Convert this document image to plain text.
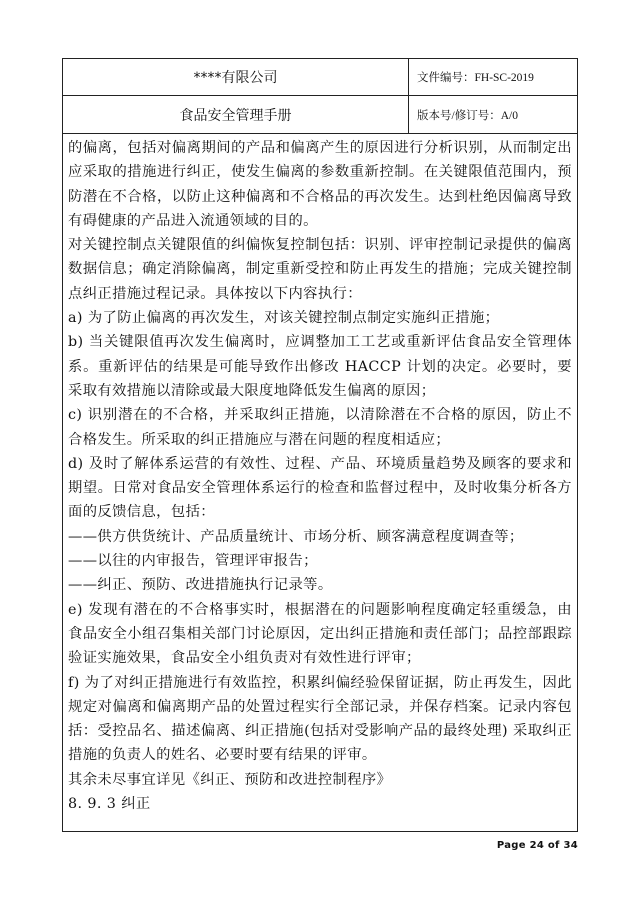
****有限公司	文件编号：FH-SC-2019
食品安全管理手册	版本号/修订号：A/0

的偏离，包括对偏离期间的产品和偏离产生的原因进行分析识别，从而制定出应采取的措施进行纠正，使发生偏离的参数重新控制。在关键限值范围内，预防潜在不合格，以防止这种偏离和不合格品的再次发生。达到杜绝因偏离导致有碍健康的产品进入流通领域的目的。

对关键控制点关键限值的纠偏恢复控制包括：识别、评审控制记录提供的偏离数据信息；确定消除偏离，制定重新受控和防止再发生的措施；完成关键控制点纠正措施过程记录。具体按以下内容执行：

a) 为了防止偏离的再次发生，对该关键控制点制定实施纠正措施；

b) 当关键限值再次发生偏离时，应调整加工工艺或重新评估食品安全管理体系。重新评估的结果是可能导致作出修改 HACCP 计划的决定。必要时，要采取有效措施以清除或最大限度地降低发生偏离的原因；

c) 识别潜在的不合格，并采取纠正措施，以清除潜在不合格的原因，防止不合格发生。所采取的纠正措施应与潜在问题的程度相适应；

d) 及时了解体系运营的有效性、过程、产品、环境质量趋势及顾客的要求和期望。日常对食品安全管理体系运行的检查和监督过程中，及时收集分析各方面的反馈信息，包括：

——供方供货统计、产品质量统计、市场分析、顾客满意程度调查等；

——以往的内审报告，管理评审报告；

——纠正、预防、改进措施执行记录等。

e) 发现有潜在的不合格事实时，根据潜在的问题影响程度确定轻重缓急，由食品安全小组召集相关部门讨论原因，定出纠正措施和责任部门；品控部跟踪验证实施效果，食品安全小组负责对有效性进行评审；

f) 为了对纠正措施进行有效监控，积累纠偏经验保留证据，防止再发生，因此规定对偏离和偏离期产品的处置过程实行全部记录，并保存档案。记录内容包括：受控品名、描述偏离、纠正措施(包括对受影响产品的最终处理) 采取纠正措施的负责人的姓名、必要时要有结果的评审。

其余未尽事宜详见《纠正、预防和改进控制程序》

8. 9. 3 纠正

Page 24 of 34
